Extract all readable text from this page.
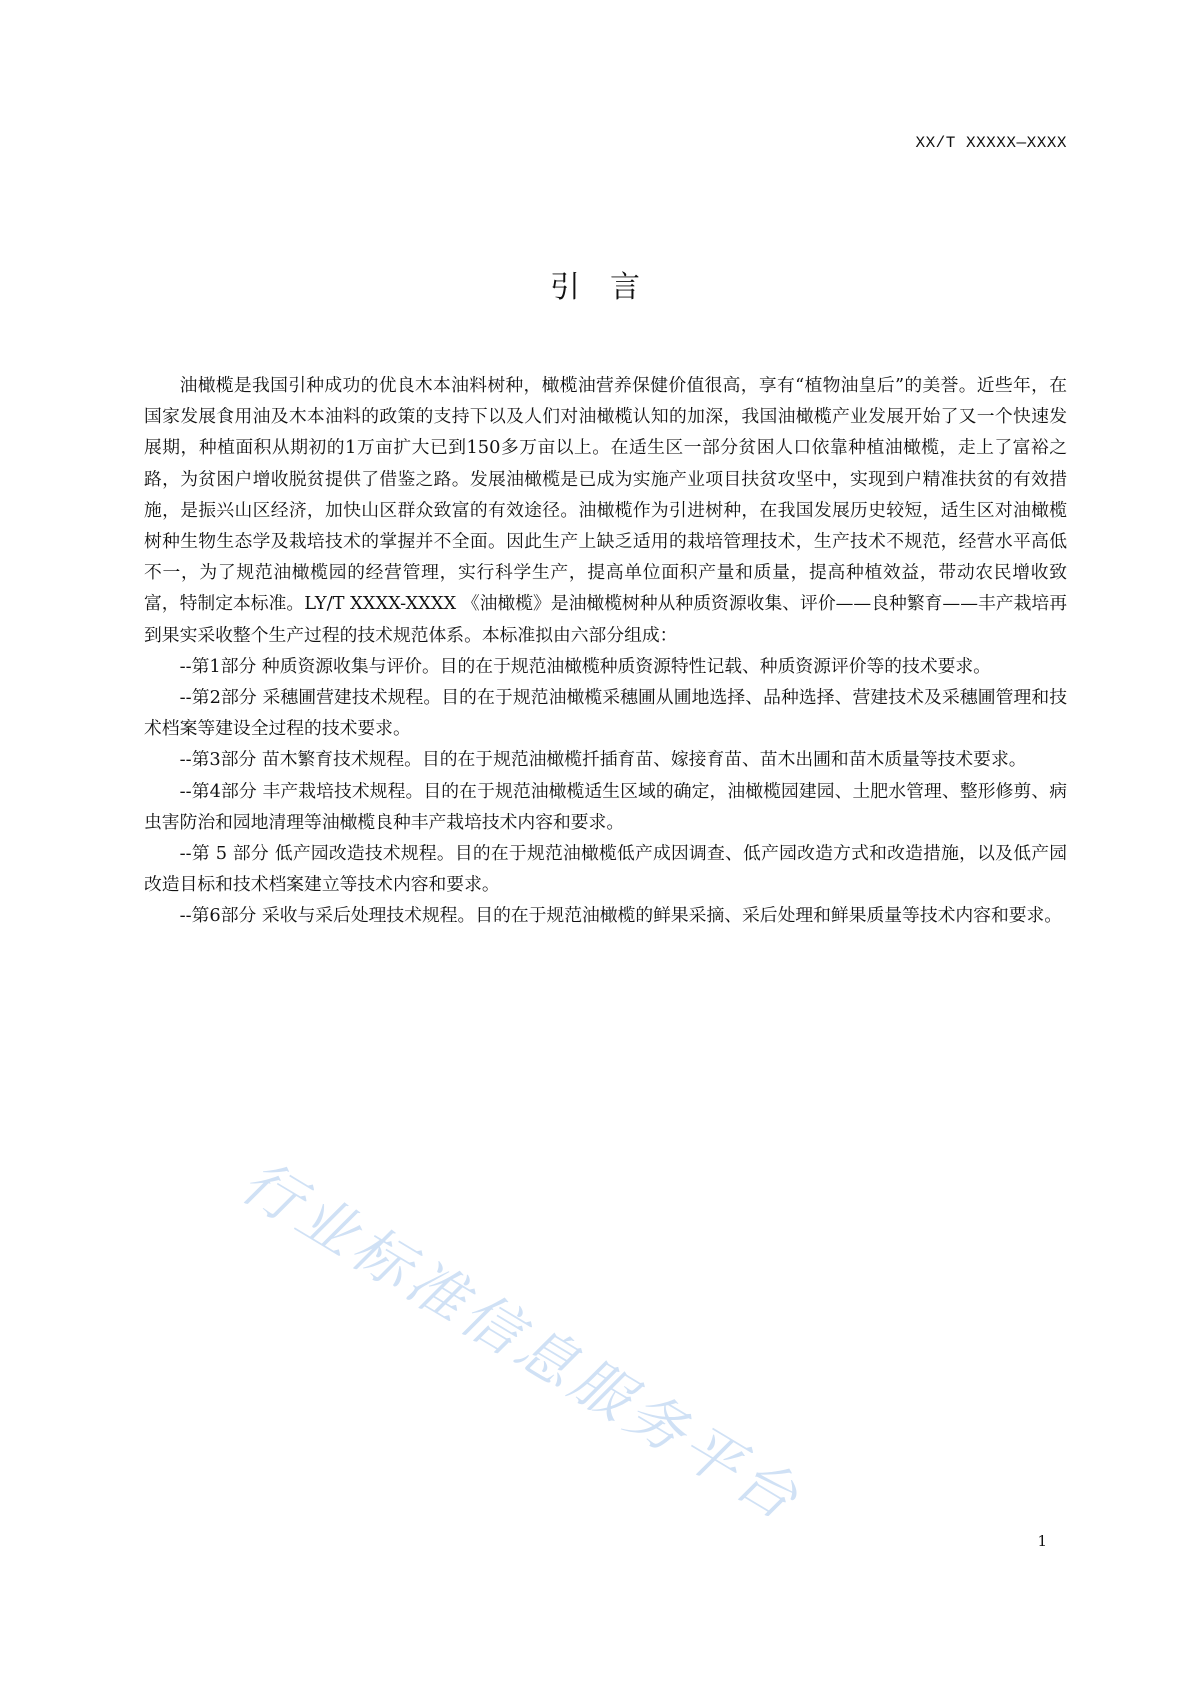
XX/T XXXXX—XXXX
引言

油橄榄是我国引种成功的优良木本油料树种，橄榄油营养保健价值很高，享有“植物油皇后”的美誉。近些年，在国家发展食用油及木本油料的政策的支持下以及人们对油橄榄认知的加深，我国油橄榄产业发展开始了又一个快速发展期，种植面积从期初的1万亩扩大已到150多万亩以上。在适生区一部分贫困人口依靠种植油橄榄，走上了富裕之路，为贫困户增收脱贫提供了借鉴之路。发展油橄榄是已成为实施产业项目扶贫攻坚中，实现到户精准扶贫的有效措施，是振兴山区经济，加快山区群众致富的有效途径。油橄榄作为引进树种，在我国发展历史较短，适生区对油橄榄树种生物生态学及栽培技术的掌握并不全面。因此生产上缺乏适用的栽培管理技术，生产技术不规范，经营水平高低不一，为了规范油橄榄园的经营管理，实行科学生产，提高单位面积产量和质量，提高种植效益，带动农民增收致富，特制定本标准。LY/T XXXX-XXXX 《油橄榄》是油橄榄树种从种质资源收集、评价——良种繁育——丰产栽培再到果实采收整个生产过程的技术规范体系。本标准拟由六部分组成：

--第1部分 种质资源收集与评价。目的在于规范油橄榄种质资源特性记载、种质资源评价等的技术要求。

--第2部分 采穗圃营建技术规程。目的在于规范油橄榄采穗圃从圃地选择、品种选择、营建技术及采穗圃管理和技术档案等建设全过程的技术要求。

--第3部分 苗木繁育技术规程。目的在于规范油橄榄扦插育苗、嫁接育苗、苗木出圃和苗木质量等技术要求。

--第4部分 丰产栽培技术规程。目的在于规范油橄榄适生区域的确定，油橄榄园建园、土肥水管理、整形修剪、病虫害防治和园地清理等油橄榄良种丰产栽培技术内容和要求。

--第 5 部分 低产园改造技术规程。目的在于规范油橄榄低产成因调查、低产园改造方式和改造措施，以及低产园改造目标和技术档案建立等技术内容和要求。

--第6部分 采收与采后处理技术规程。目的在于规范油橄榄的鲜果采摘、采后处理和鲜果质量等技术内容和要求。

行业标准信息服务平台
1
